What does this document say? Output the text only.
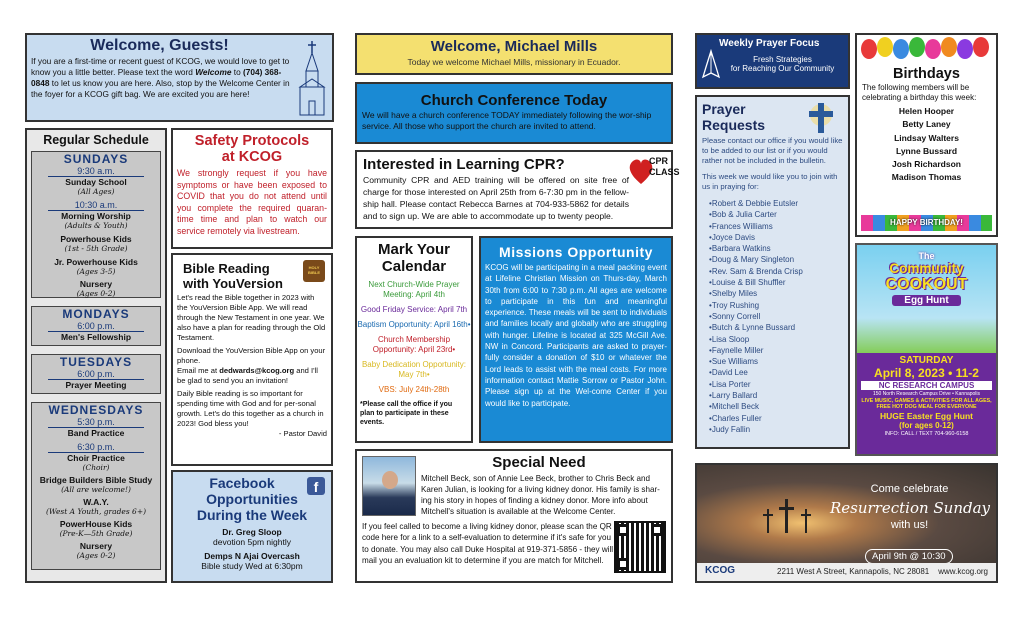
Welcome, Guests!
If you are a first-time or recent guest of KCOG, we would love to get to know you a little better. Please text the word Welcome to (704) 368-0848 to let us know you are here. Also, stop by the Welcome Center in the foyer for a KCOG gift bag. We are excited you are here!
Regular Schedule
SUNDAYS
9:30 a.m.
Sunday School
(All Ages)
10:30 a.m.
Morning Worship
(Adults & Youth)
Powerhouse Kids
(1st - 5th Grade)
Jr. Powerhouse Kids
(Ages 3-5)
Nursery
(Ages 0-2)
MONDAYS
6:00 p.m.
Men's Fellowship
TUESDAYS
6:00 p.m.
Prayer Meeting
WEDNESDAYS
5:30 p.m.
Band Practice
6:30 p.m.
Choir Practice
(Choir)
Bridge Builders Bible Study
(All are welcome!)
W.A.Y.
(West A Youth, grades 6+)
PowerHouse Kids
(Pre-K—5th Grade)
Nursery
(Ages 0-2)
Safety Protocols
at KCOG
We strongly request if you have symptoms or have been exposed to COVID that you do not attend until you complete the required quaran-time time and plan to watch our service remotely via livestream.
Bible Reading
with YouVersion
HOLY BIBLE
Let's read the Bible together in 2023 with the YouVersion Bible App. We will read through the New Testament in one year. We also have a plan for reading through the Old Testament.
Download the YouVersion Bible App on your phone.
Email me at dedwards@kcog.org and I'll be glad to send you an invitation!
Daily Bible reading is so important for spending time with God and for per-sonal growth. Let's do this together as a church in 2023! God bless you!
- Pastor David
Facebook
Opportunities
During the Week
f
Dr. Greg Sloop
devotion 5pm nightly
Demps N Ajai Overcash
Bible study Wed at 6:30pm
Welcome, Michael Mills
Today we welcome Michael Mills, missionary in Ecuador.
Church Conference Today
We will have a church conference TODAY immediately following the wor-ship service. All those who support the church are invited to attend.
Interested in Learning CPR?	CPR
CLASS
Community CPR and AED training will be offered on site free of charge for those interested on April 25th from 6-7:30 pm in the fellow-ship hall. Please contact Rebecca Barnes at 704-933-5862 for details and to sign up. We are able to accommodate up to twenty people.
Mark Your
Calendar

Next Church-Wide Prayer Meeting: April 4th

Good Friday Service: April 7th

Baptism Opportunity: April 16th•

Church Membership Opportunity: April 23rd•

Baby Dedication Opportunity: May 7th•

VBS: July 24th-28th

*Please call the office if you plan to participate in these events.

Missions Opportunity
KCOG will be participating in a meal packing event at Lifeline Christian Mission on Thurs-day, March 30th from 6:00 to 7:30 p.m. All ages are welcome to participate in this fun and meaningful experience. These meals will be sent to individuals and families locally and globally who are struggling with hunger. Lifeline is located at 325 McGill Ave. NW in Concord. Participants are asked to prayer-fully consider a donation of $10 or whatever the Lord leads to assist with the meal costs. For more information contact Mattie Sorrow or Pastor John. Please sign up at the Wel-come Center if you would like to participate.
Special Need
Mitchell Beck, son of Annie Lee Beck, brother to Chris Beck and Karen Julian, is looking for a living kidney donor. His family is shar-ing his story in hopes of finding a kidney donor. More info about Mitchell's situation is available at the Welcome Center.
If you feel called to become a living kidney donor, please scan the QR code here for a link to a self-evaluation to determine if it's safe for you to donate. You may also call Duke Hospital at 919-371-5856 - they will mail you an evaluation kit to determine if you are match for Mitchell.
Weekly Prayer Focus
Fresh Strategies
for Reaching Our Community
Prayer
Requests
Please contact our office if you would like to be added to our list or if you would rather not be included in the bulletin.
This week we would like you to join with us in praying for:
• Robert & Debbie Eutsler
• Bob & Julia Carter
• Frances Williams
• Joyce Davis
• Barbara Watkins
• Doug & Mary Singleton
• Rev. Sam & Brenda Crisp
• Louise & Bill Shuffler
• Shelby Miles
• Troy Rushing
• Sonny Correll
• Butch & Lynne Bussard
• Lisa Sloop
• Faynelle Miller
• Sue Williams
• David Lee
• Lisa Porter
• Larry Ballard
• Mitchell Beck
• Charles Fuller
• Judy Fallin
Birthdays
The following members will be celebrating a birthday this week:
Helen Hooper
Betty Laney
Lindsay Walters
Lynne Bussard
Josh Richardson
Madison Thomas
HAPPY BIRTHDAY!
The
Community
COOKOUT
Egg Hunt
SATURDAY
April 8, 2023 • 11-2
NC RESEARCH CAMPUS
150 North Research Campus Drive • Kannapolis
LIVE MUSIC, GAMES & ACTIVITIES FOR ALL AGES, FREE HOT DOG MEAL FOR EVERYONE
HUGE Easter Egg Hunt
(for ages 0-12)
INFO: CALL / TEXT 704-960-6158
Come celebrate
Resurrection Sunday
with us!
April 9th @ 10:30
KCOG	2211 West A Street, Kannapolis, NC 28081 www.kcog.org
